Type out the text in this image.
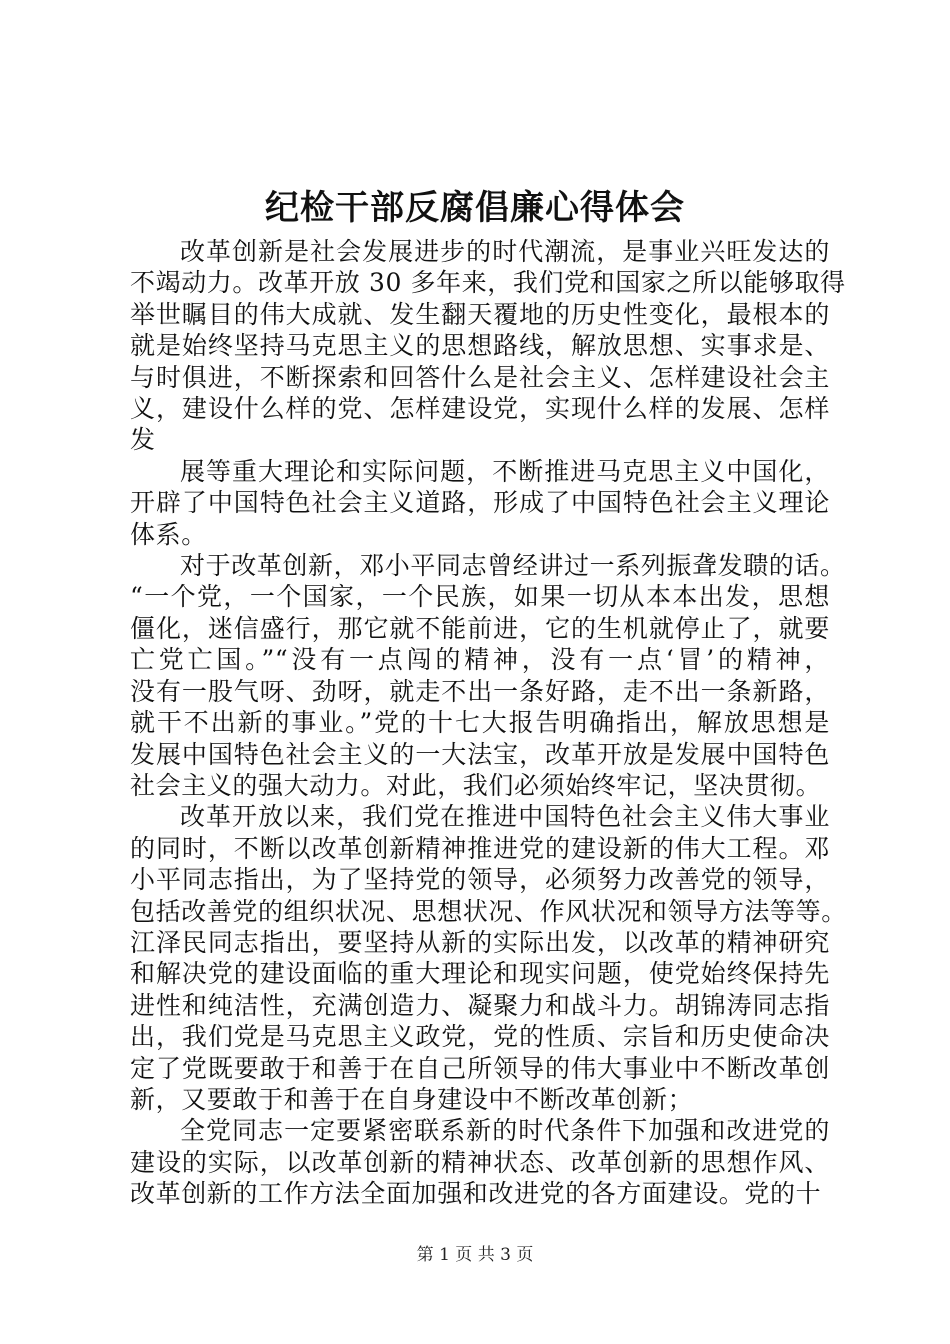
纪检干部反腐倡廉心得体会

改革创新是社会发展进步的时代潮流，是事业兴旺发达的
不竭动力。改革开放 30 多年来，我们党和国家之所以能够取得
举世瞩目的伟大成就、发生翻天覆地的历史性变化，最根本的
就是始终坚持马克思主义的思想路线，解放思想、实事求是、
与时俱进，不断探索和回答什么是社会主义、怎样建设社会主
义，建设什么样的党、怎样建设党，实现什么样的发展、怎样
发

展等重大理论和实际问题，不断推进马克思主义中国化，
开辟了中国特色社会主义道路，形成了中国特色社会主义理论
体系。

对于改革创新，邓小平同志曾经讲过一系列振聋发聩的话。
“一个党，一个国家，一个民族，如果一切从本本出发，思想
僵化，迷信盛行，那它就不能前进，它的生机就停止了，就要
亡党亡国。”“没有一点闯的精神，没有一点‘冒’的精神，
没有一股气呀、劲呀，就走不出一条好路，走不出一条新路，
就干不出新的事业。”党的十七大报告明确指出，解放思想是
发展中国特色社会主义的一大法宝，改革开放是发展中国特色
社会主义的强大动力。对此，我们必须始终牢记，坚决贯彻。

改革开放以来，我们党在推进中国特色社会主义伟大事业
的同时，不断以改革创新精神推进党的建设新的伟大工程。邓
小平同志指出，为了坚持党的领导，必须努力改善党的领导，
包括改善党的组织状况、思想状况、作风状况和领导方法等等。
江泽民同志指出，要坚持从新的实际出发，以改革的精神研究
和解决党的建设面临的重大理论和现实问题，使党始终保持先
进性和纯洁性，充满创造力、凝聚力和战斗力。胡锦涛同志指
出，我们党是马克思主义政党，党的性质、宗旨和历史使命决
定了党既要敢于和善于在自己所领导的伟大事业中不断改革创
新，又要敢于和善于在自身建设中不断改革创新；

全党同志一定要紧密联系新的时代条件下加强和改进党的
建设的实际，以改革创新的精神状态、改革创新的思想作风、
改革创新的工作方法全面加强和改进党的各方面建设。党的十

第 1 页 共 3 页
